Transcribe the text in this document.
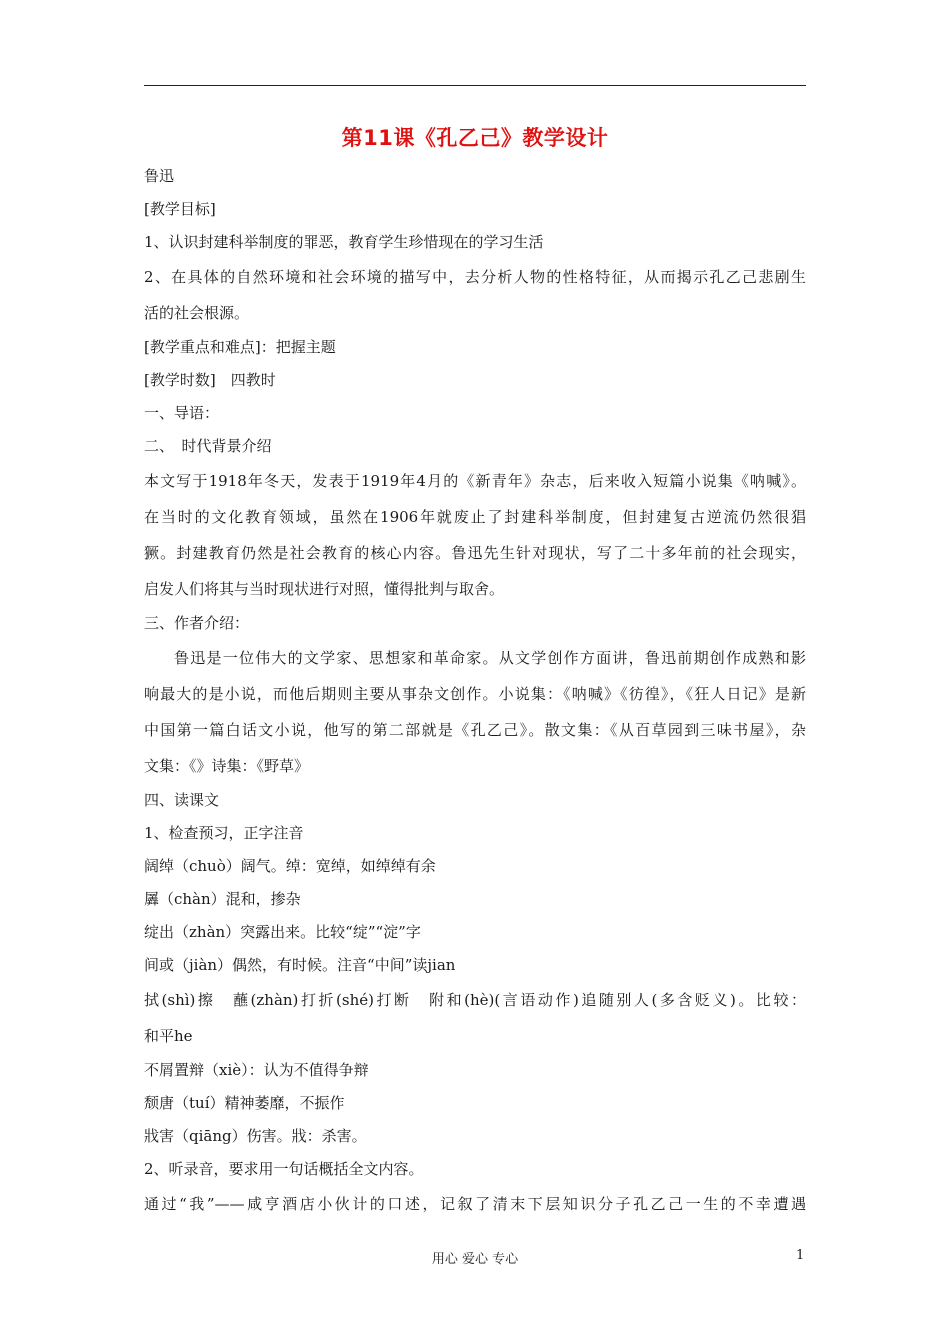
第11课《孔乙己》教学设计
鲁迅
[教学目标]
1、认识封建科举制度的罪恶，教育学生珍惜现在的学习生活
2、在具体的自然环境和社会环境的描写中，去分析人物的性格特征，从而揭示孔乙己悲剧生
活的社会根源。
[教学重点和难点]：把握主题
[教学时数]　四教时
一、导语：
二、　时代背景介绍
本文写于1918年冬天，发表于1919年4月的《新青年》杂志，后来收入短篇小说集《呐喊》。
在当时的文化教育领域，虽然在1906年就废止了封建科举制度，但封建复古逆流仍然很猖
獗。封建教育仍然是社会教育的核心内容。鲁迅先生针对现状，写了二十多年前的社会现实，
启发人们将其与当时现状进行对照，懂得批判与取舍。
三、作者介绍：
鲁迅是一位伟大的文学家、思想家和革命家。从文学创作方面讲，鲁迅前期创作成熟和影
响最大的是小说，而他后期则主要从事杂文创作。小说集：《呐喊》《彷徨》，《狂人日记》是新
中国第一篇白话文小说，他写的第二部就是《孔乙己》。散文集：《从百草园到三味书屋》，杂
文集：《》诗集：《野草》
四、读课文
1、检查预习，正字注音
阔绰（chuò）阔气。绰：宽绰，如绰绰有余
羼（chàn）混和，掺杂
绽出（zhàn）突露出来。比较“绽”“淀”字
间或（jiàn）偶然，有时候。注音“中间”读jian
拭(shì)擦　蘸(zhàn)打折(shé)打断　附和(hè)(言语动作)追随别人(多含贬义)。比较：
和平he
不屑置辩（xiè）：认为不值得争辩
颓唐（tuí）精神萎靡，不振作
戕害（qiāng）伤害。戕：杀害。
2、听录音，要求用一句话概括全文内容。
通过“我”——咸亨酒店小伙计的口述，记叙了清末下层知识分子孔乙己一生的不幸遭遇
用心 爱心 专心	1
